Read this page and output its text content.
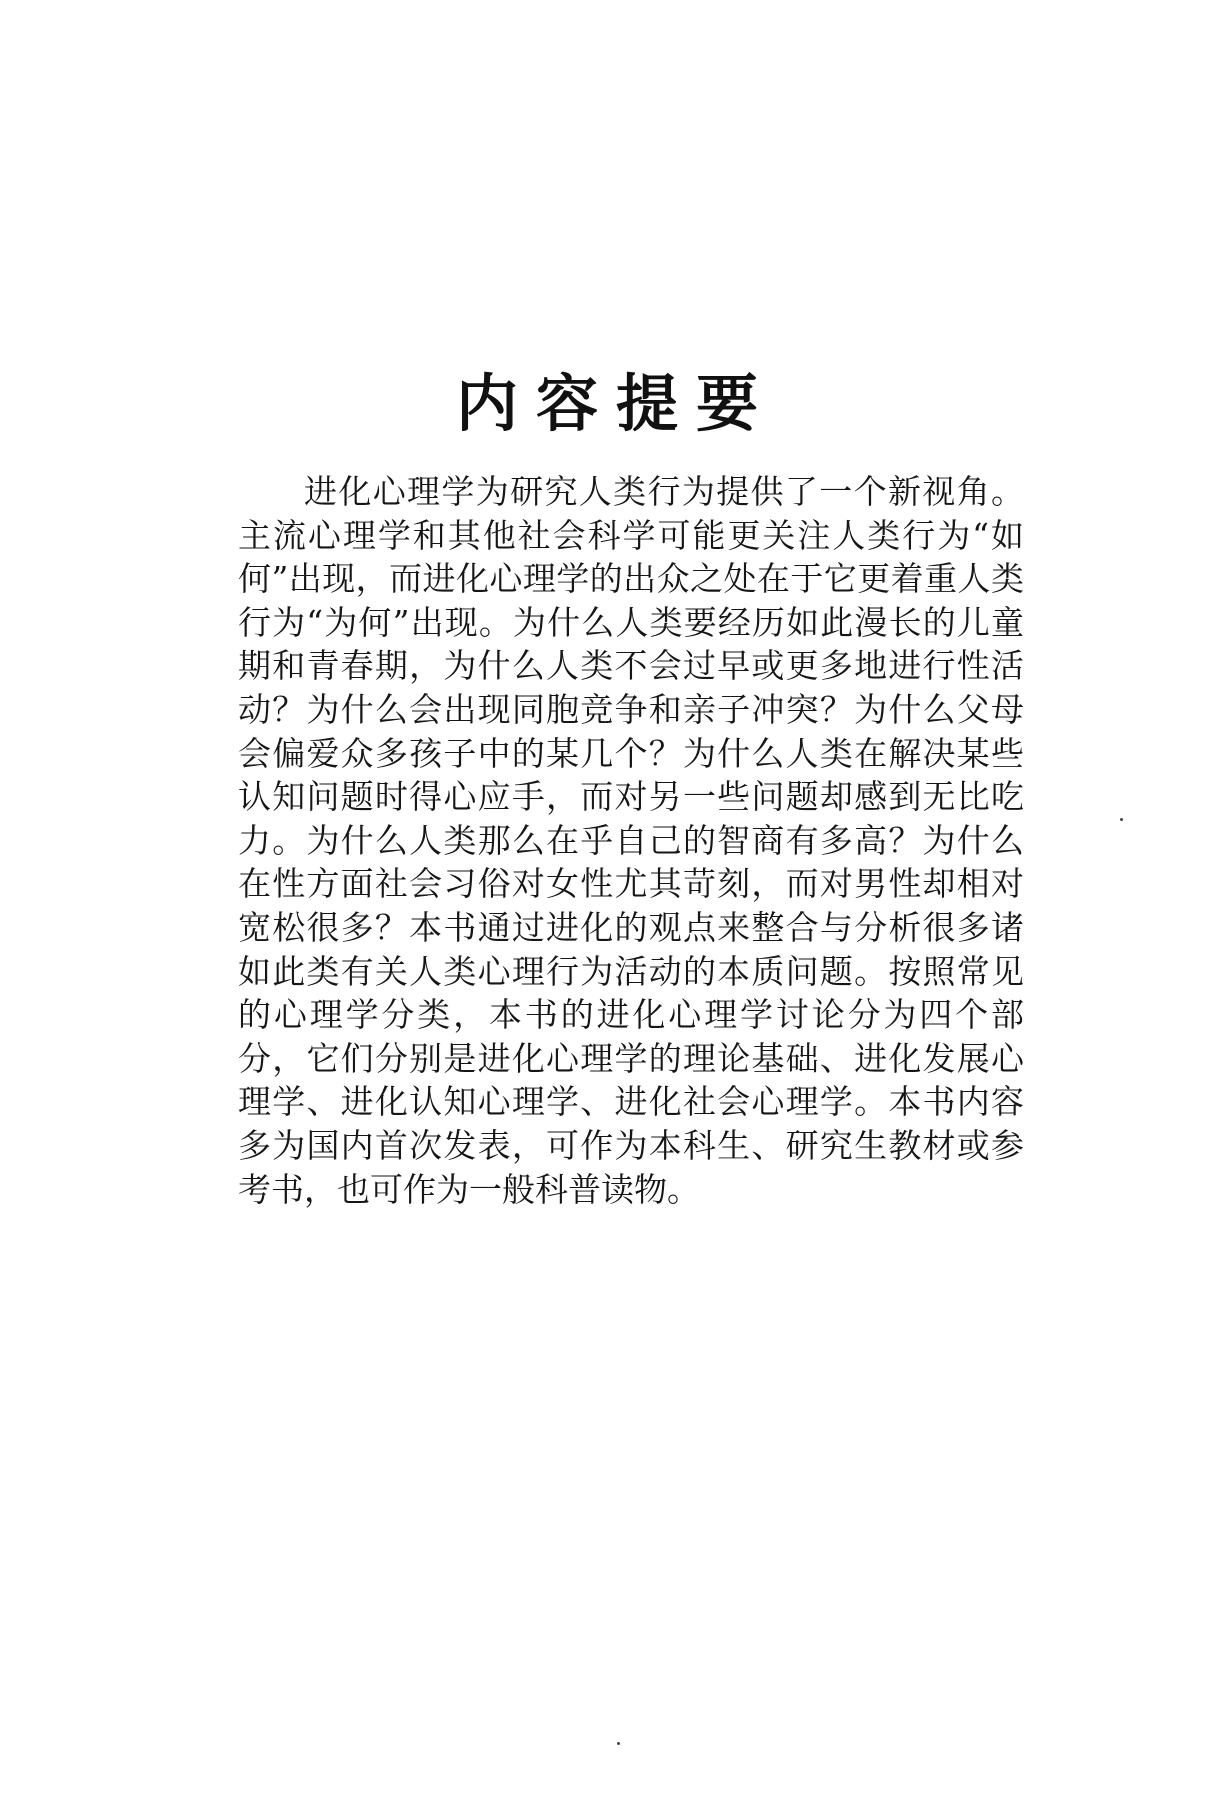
内容提要

进化心理学为研究人类行为提供了一个新视角。主流心理学和其他社会科学可能更关注人类行为“如何”出现，而进化心理学的出众之处在于它更着重人类行为“为何”出现。为什么人类要经历如此漫长的儿童期和青春期，为什么人类不会过早或更多地进行性活动？为什么会出现同胞竞争和亲子冲突？为什么父母会偏爱众多孩子中的某几个？为什么人类在解决某些认知问题时得心应手，而对另一些问题却感到无比吃力。为什么人类那么在乎自己的智商有多高？为什么在性方面社会习俗对女性尤其苛刻，而对男性却相对宽松很多？本书通过进化的观点来整合与分析很多诸如此类有关人类心理行为活动的本质问题。按照常见的心理学分类，本书的进化心理学讨论分为四个部分，它们分别是进化心理学的理论基础、进化发展心理学、进化认知心理学、进化社会心理学。本书内容多为国内首次发表，可作为本科生、研究生教材或参考书，也可作为一般科普读物。
